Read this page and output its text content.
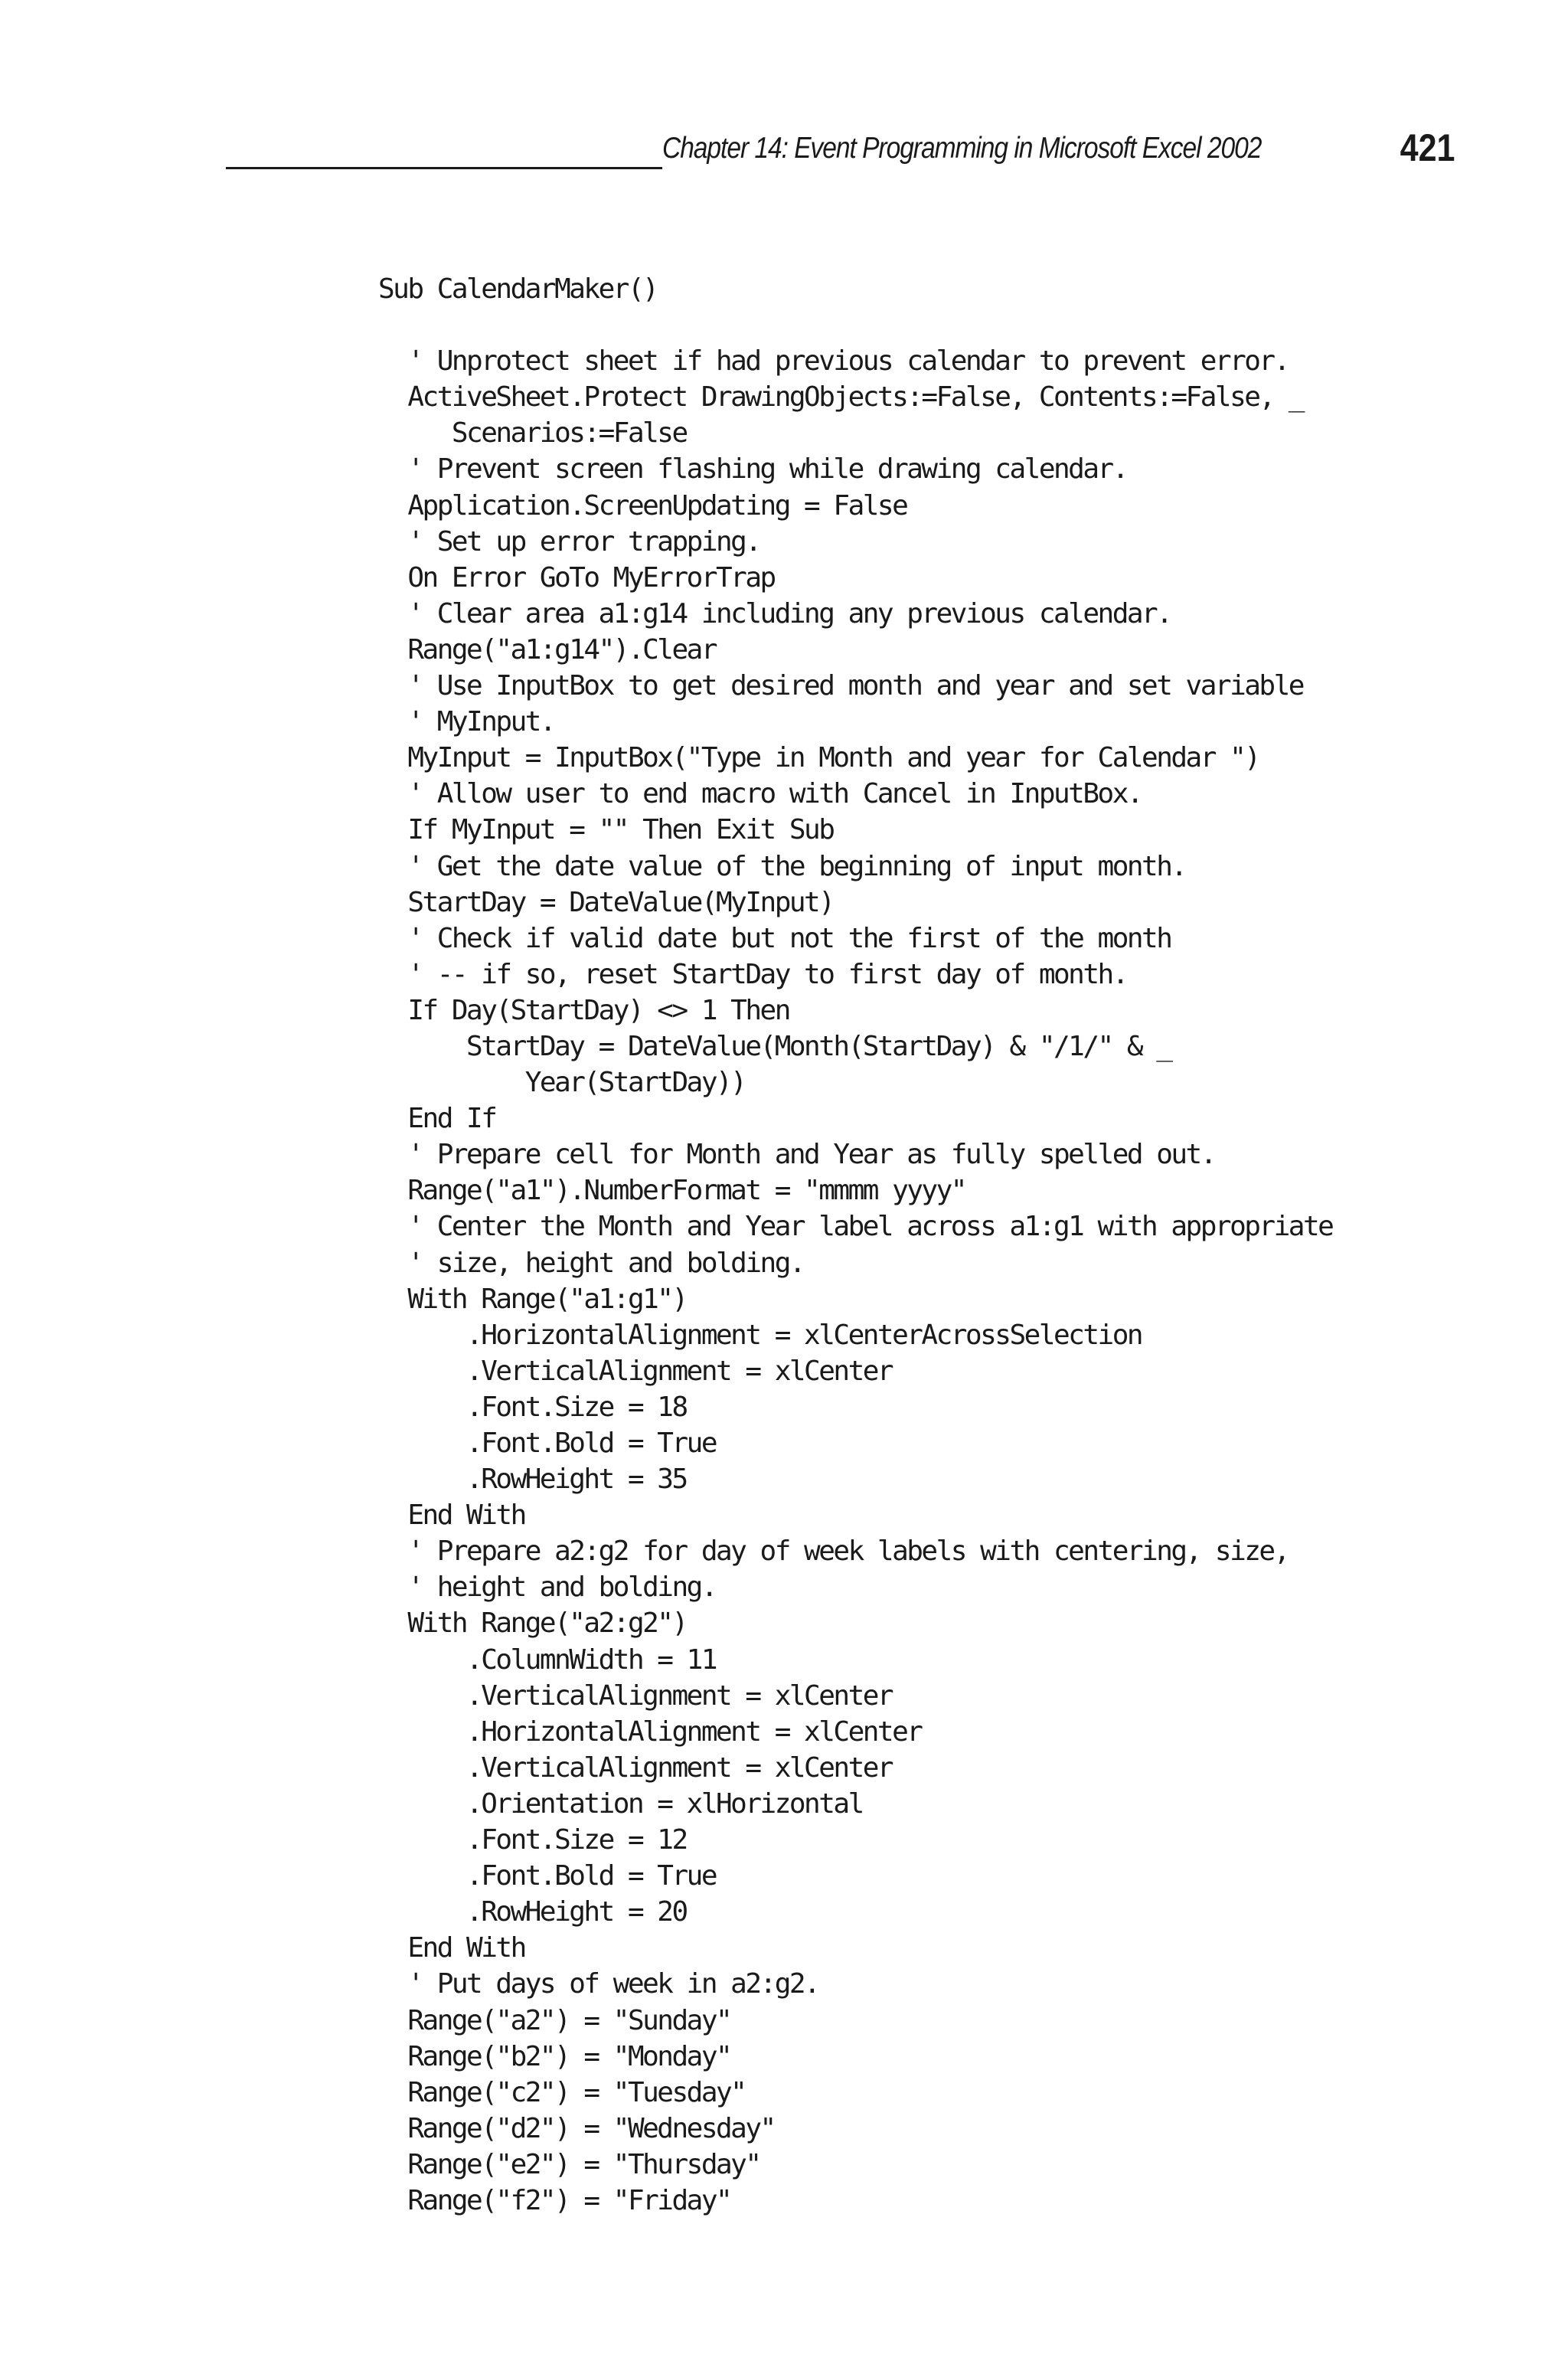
Chapter 14: Event Programming in Microsoft Excel 2002	421
Sub CalendarMaker()
' Unprotect sheet if had previous calendar to prevent error.
ActiveSheet.Protect DrawingObjects:=False, Contents:=False, _
Scenarios:=False
' Prevent screen flashing while drawing calendar.
Application.ScreenUpdating = False
' Set up error trapping.
On Error GoTo MyErrorTrap
' Clear area a1:g14 including any previous calendar.
Range("a1:g14").Clear
' Use InputBox to get desired month and year and set variable
' MyInput.
MyInput = InputBox("Type in Month and year for Calendar ")
' Allow user to end macro with Cancel in InputBox.
If MyInput = "" Then Exit Sub
' Get the date value of the beginning of input month.
StartDay = DateValue(MyInput)
' Check if valid date but not the first of the month
' -- if so, reset StartDay to first day of month.
If Day(StartDay) <> 1 Then
StartDay = DateValue(Month(StartDay) & "/1/" & _
Year(StartDay))
End If
' Prepare cell for Month and Year as fully spelled out.
Range("a1").NumberFormat = "mmmm yyyy"
' Center the Month and Year label across a1:g1 with appropriate
' size, height and bolding.
With Range("a1:g1")
.HorizontalAlignment = xlCenterAcrossSelection
.VerticalAlignment = xlCenter
.Font.Size = 18
.Font.Bold = True
.RowHeight = 35
End With
' Prepare a2:g2 for day of week labels with centering, size,
' height and bolding.
With Range("a2:g2")
.ColumnWidth = 11
.VerticalAlignment = xlCenter
.HorizontalAlignment = xlCenter
.VerticalAlignment = xlCenter
.Orientation = xlHorizontal
.Font.Size = 12
.Font.Bold = True
.RowHeight = 20
End With
' Put days of week in a2:g2.
Range("a2") = "Sunday"
Range("b2") = "Monday"
Range("c2") = "Tuesday"
Range("d2") = "Wednesday"
Range("e2") = "Thursday"
Range("f2") = "Friday"
